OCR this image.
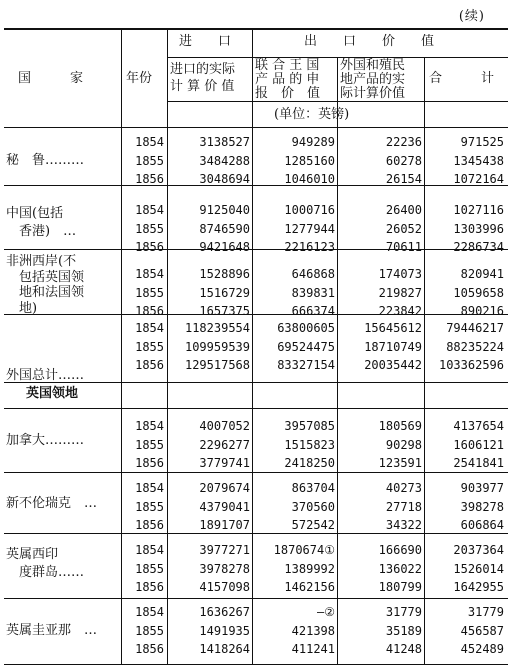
(续)
国　　　家	年份
进　　口
进口的实际
计 算 价 值
出　　口　　价　　值
联 合 王 国
产 品 的 申
报　价　值
外国和殖民
地产品的实
际计算价值
合　　　计
(单位：英镑)
英国领地
秘　鲁………
1854	3138527	949289	22236	971525
1855	3484288	1285160	60278	1345438
1856	3048694	1046010	26154	1072164
中国(包括
　香港)　…
1854	9125040	1000716	26400	1027116
1855	8746590	1277944	26052	1303996
1856	9421648	2216123	70611	2286734
非洲西岸(不
　包括英国领
　地和法国领
　地)
1854	1528896	646868	174073	820941
1855	1516729	839831	219827	1059658
1856	1657375	666374	223842	890216
外国总计……
1854 118239554 63800605 15645612 79446217
1855 109959539 69524475 18710749 88235224
1856 129517568 83327154 20035442 103362596
加拿大………
1854	4007052	3957085	180569	4137654
1855	2296277	1515823	90298	1606121
1856	3779741	2418250	123591	2541841
新不伦瑞克　…
1854	2079674	863704	40273	903977
1855	4379041	370560	27718	398278
1856	1891707	572542	34322	606864
英属西印
　度群岛……
1854	3977271 1870674①	166690	2037364
1855	3978278	1389992	136022	1526014
1856	4157098	1462156	180799	1642955
英属圭亚那　…
1854	1636267	—②	31779	31779
1855	1491935	421398	35189	456587
1856	1418264	411241	41248	452489
